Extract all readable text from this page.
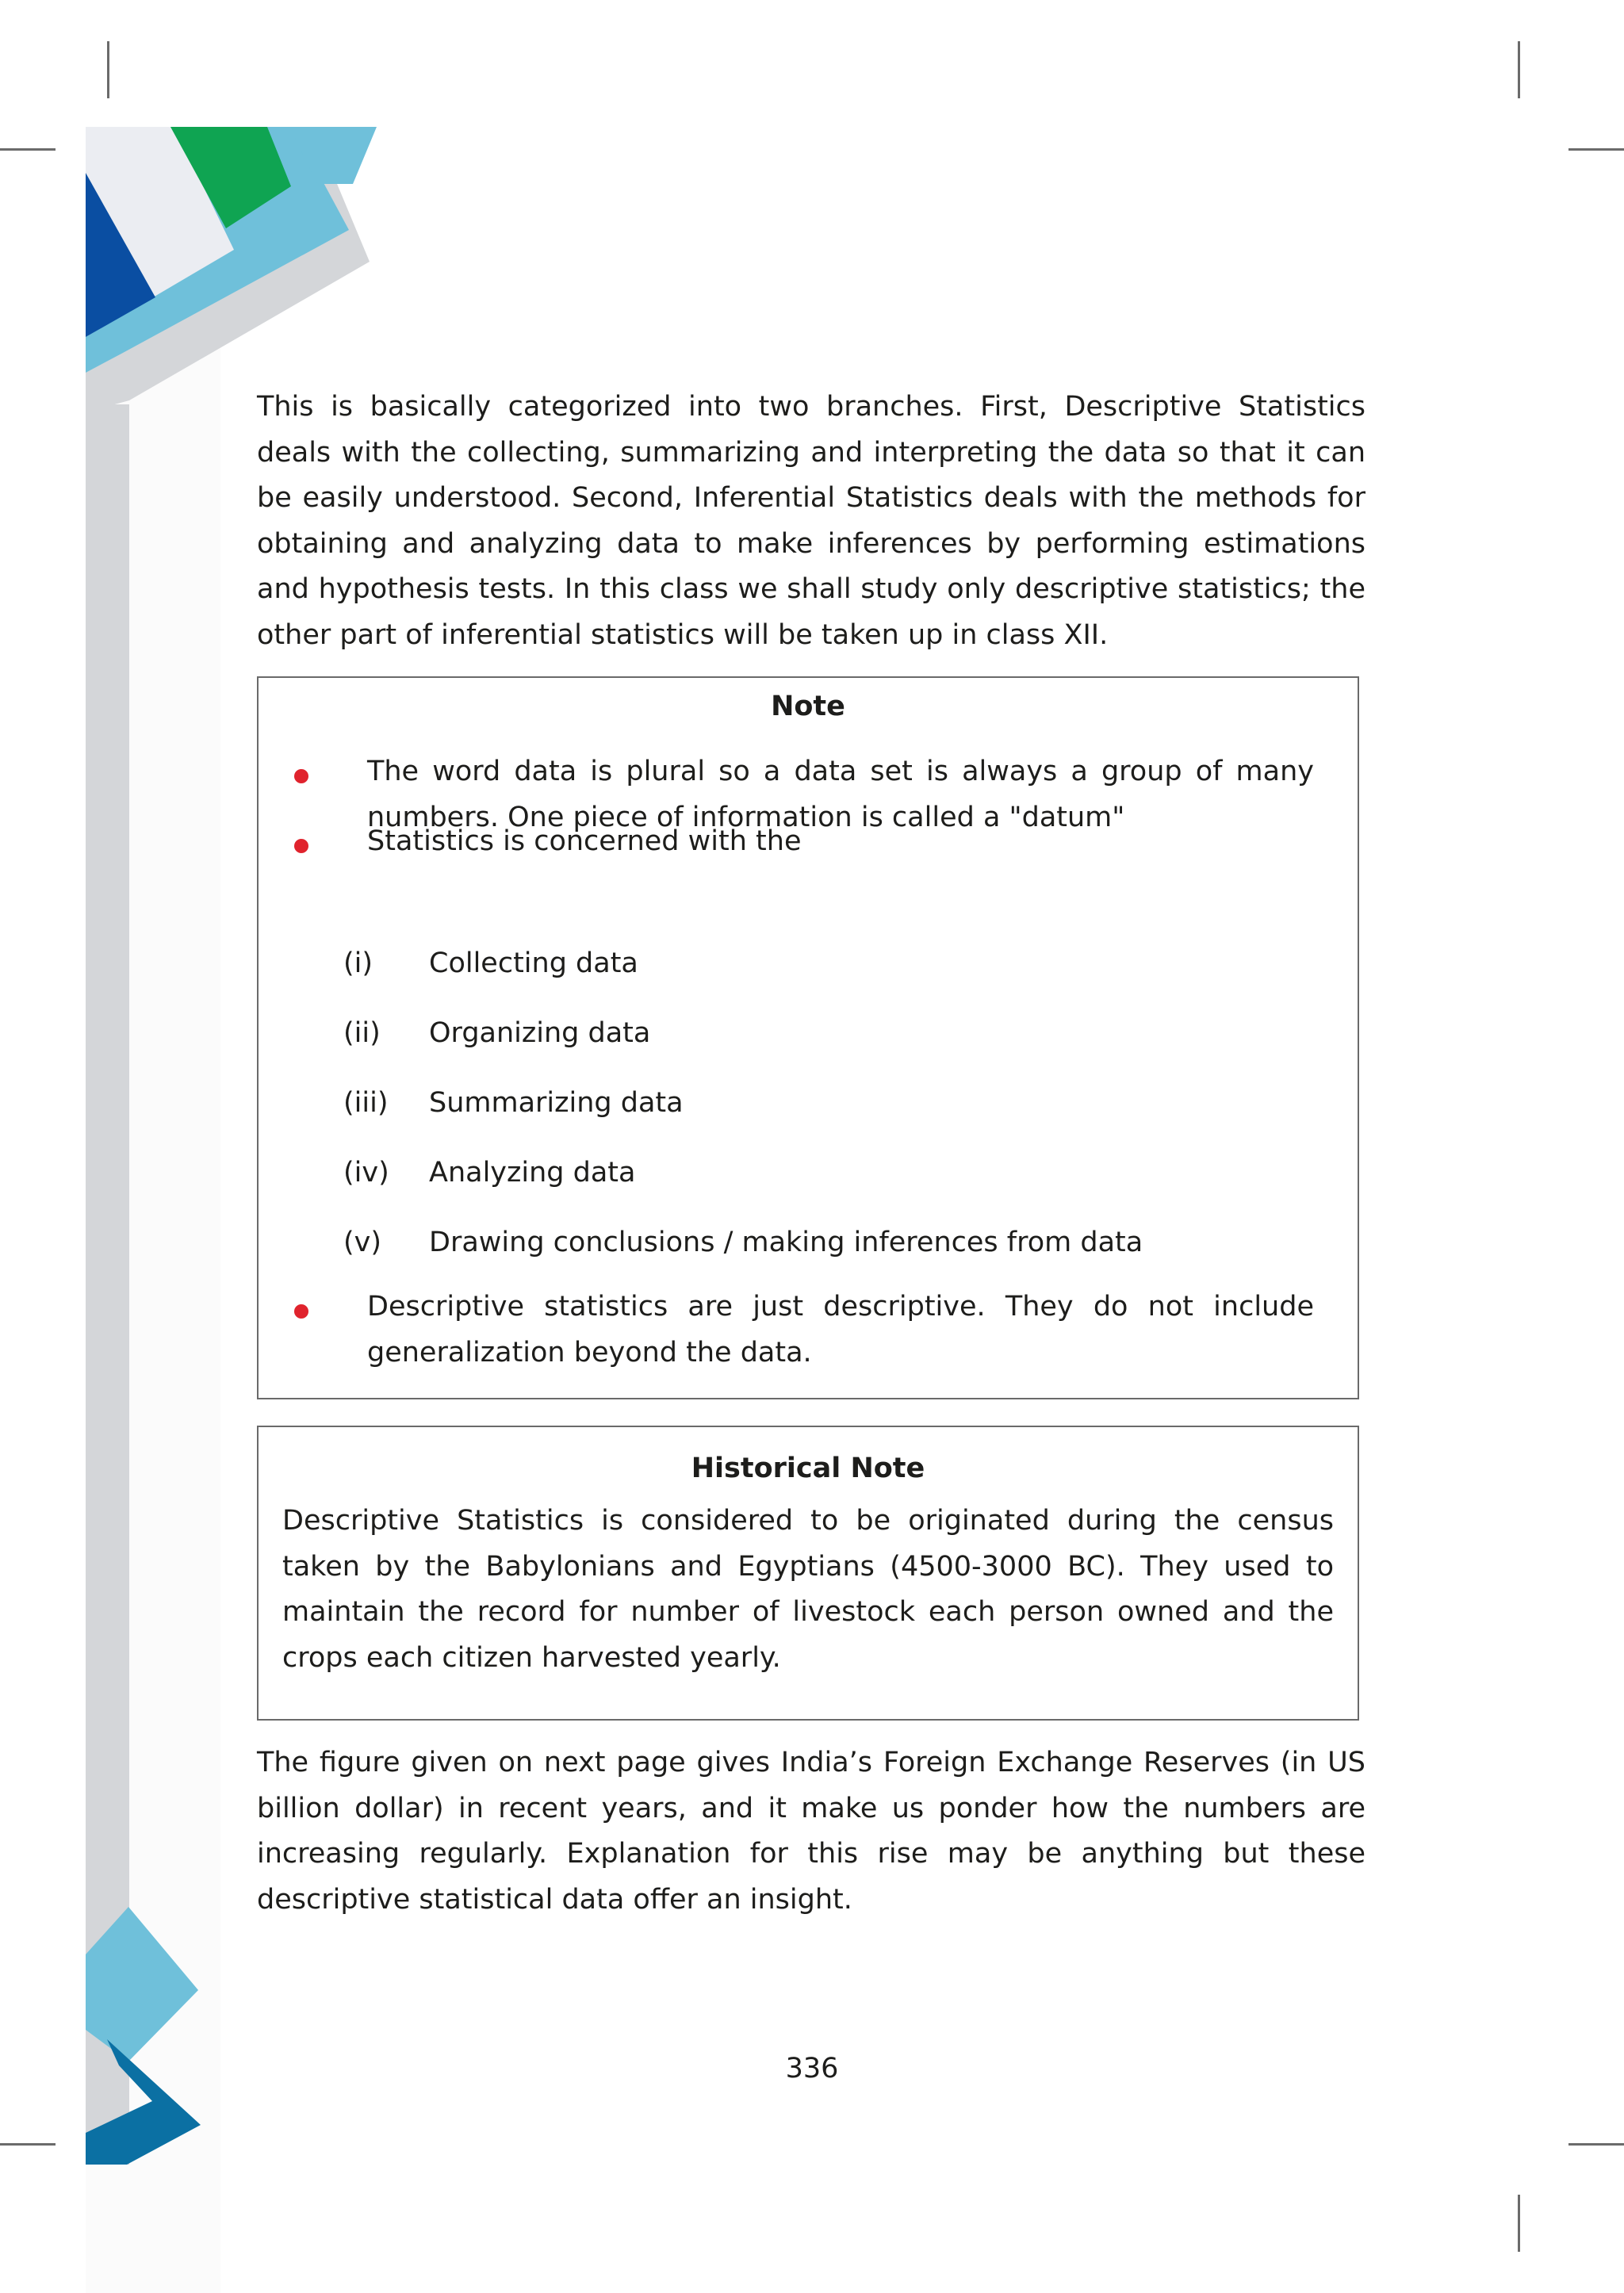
This is basically categorized into two branches. First, Descriptive Statistics deals with the collecting, summarizing and interpreting the data so that it can be easily understood. Second, Inferential Statistics deals with the methods for obtaining and analyzing data to make inferences by performing estimations and hypothesis tests. In this class we shall study only descriptive statistics; the other part of inferential statistics will be taken up in class XII.

Note

The word data is plural so a data set is always a group of many numbers. One piece of information is called a "datum"

Statistics is concerned with the

(i) Collecting data
(ii) Organizing data
(iii) Summarizing data
(iv) Analyzing data
(v) Drawing conclusions / making inferences from data

Descriptive statistics are just descriptive. They do not include generalization beyond the data.

Historical Note

Descriptive Statistics is considered to be originated during the census taken by the Babylonians and Egyptians (4500-3000 BC). They used to maintain the record for number of livestock each person owned and the crops each citizen harvested yearly.

The figure given on next page gives India’s Foreign Exchange Reserves (in US billion dollar) in recent years, and it make us ponder how the numbers are increasing regularly. Explanation for this rise may be anything but these descriptive statistical data offer an insight.

336
